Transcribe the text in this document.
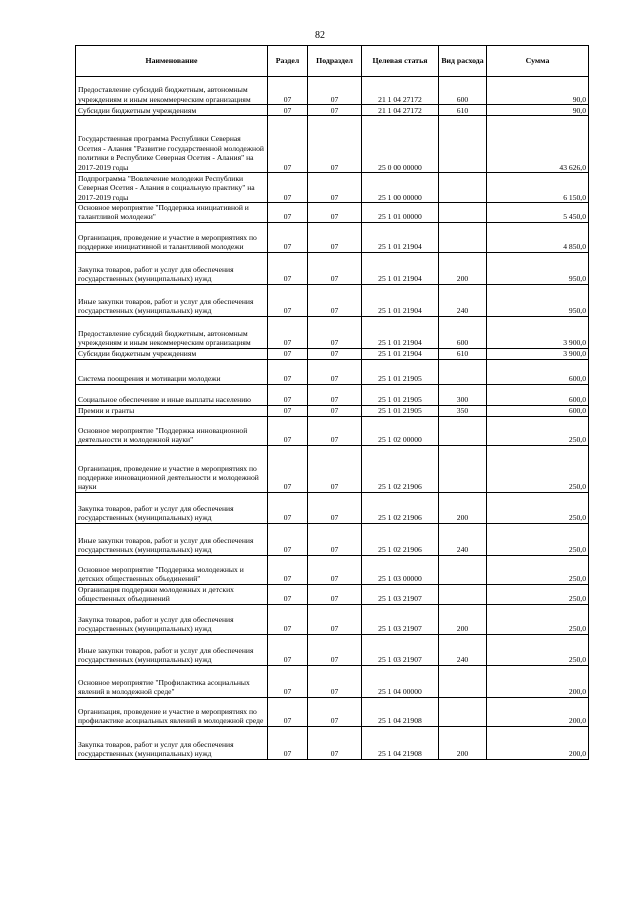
82
Наименование	Раздел	Подраздел	Целевая статья	Вид расхода	Сумма
Предоставление субсидий бюджетным, автономным учреждениям и иным некоммерческим организациям	07	07	21 1 04 27172	600	90,0
Субсидии бюджетным учреждениям	07	07	21 1 04 27172	610	90,0
Государственная программа Республики Северная Осетия - Алания "Развитие государственной молодежной политики в Республике Северная Осетия - Алания" на 2017-2019 годы	07	07	25 0 00 00000		43 626,0
Подпрограмма "Вовлечение молодежи Республики Северная Осетия - Алания в социальную практику" на 2017-2019 годы	07	07	25 1 00 00000		6 150,0
Основное мероприятие "Поддержка инициативной и талантливой молодежи"	07	07	25 1 01 00000		5 450,0
Организация, проведение и участие в мероприятиях по поддержке инициативной и талантливой молодежи	07	07	25 1 01 21904		4 850,0
Закупка товаров, работ и услуг для обеспечения государственных (муниципальных) нужд	07	07	25 1 01 21904	200	950,0
Иные закупки товаров, работ и услуг для обеспечения государственных (муниципальных) нужд	07	07	25 1 01 21904	240	950,0
Предоставление субсидий бюджетным, автономным учреждениям и иным некоммерческим организациям	07	07	25 1 01 21904	600	3 900,0
Субсидии бюджетным учреждениям	07	07	25 1 01 21904	610	3 900,0
Система поощрения и мотивации молодежи	07	07	25 1 01 21905		600,0
Социальное обеспечение и иные выплаты населению	07	07	25 1 01 21905	300	600,0
Премии и гранты	07	07	25 1 01 21905	350	600,0
Основное мероприятие "Поддержка инновационной деятельности и молодежной науки"	07	07	25 1 02 00000		250,0
Организация, проведение и участие в мероприятиях по поддержке инновационной деятельности и молодежной науки	07	07	25 1 02 21906		250,0
Закупка товаров, работ и услуг для обеспечения государственных (муниципальных) нужд	07	07	25 1 02 21906	200	250,0
Иные закупки товаров, работ и услуг для обеспечения государственных (муниципальных) нужд	07	07	25 1 02 21906	240	250,0
Основное мероприятие "Поддержка молодежных и детских общественных объединений"	07	07	25 1 03 00000		250,0
Организация поддержки молодежных и детских общественных объединений	07	07	25 1 03 21907		250,0
Закупка товаров, работ и услуг для обеспечения государственных (муниципальных) нужд	07	07	25 1 03 21907	200	250,0
Иные закупки товаров, работ и услуг для обеспечения государственных (муниципальных) нужд	07	07	25 1 03 21907	240	250,0
Основное мероприятие "Профилактика асоциальных явлений в молодежной среде"	07	07	25 1 04 00000		200,0
Организация, проведение и участие в мероприятиях по профилактике асоциальных явлений в молодежной среде	07	07	25 1 04 21908		200,0
Закупка товаров, работ и услуг для обеспечения государственных (муниципальных) нужд	07	07	25 1 04 21908	200	200,0
